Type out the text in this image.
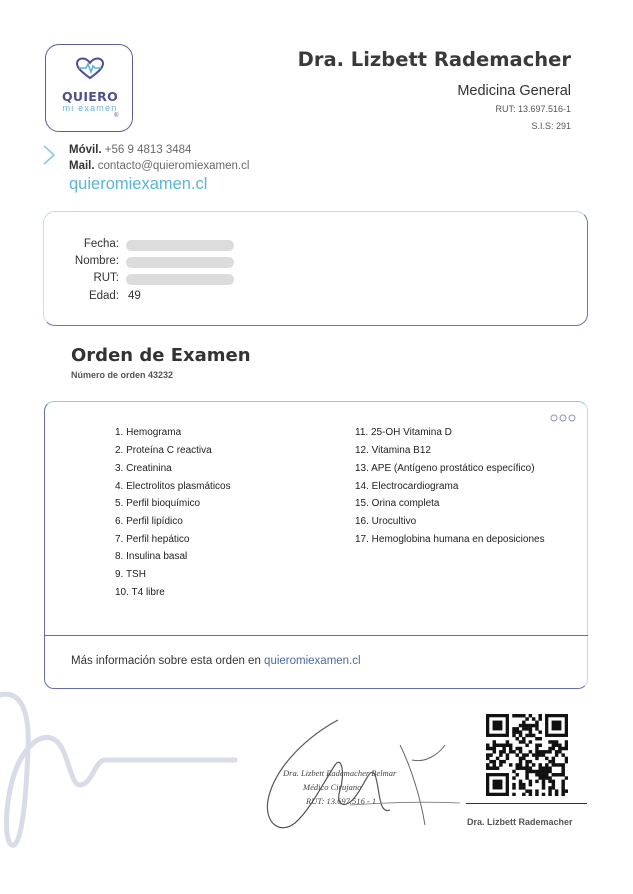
QUIERO
mi examen
®
Dra. Lizbett Rademacher
Medicina General
RUT: 13.697.516-1
S.I.S: 291
Móvil. +56 9 4813 3484
Mail. contacto@quieromiexamen.cl
quieromiexamen.cl
Fecha:
Nombre:
RUT:
Edad: 49
Orden de Examen
Número de orden 43232
1. Hemograma
2. Proteína C reactiva
3. Creatinina
4. Electrolitos plasmáticos
5. Perfil bioquímico
6. Perfil lipídico
7. Perfil hepático
8. Insulina basal
9. TSH
10. T4 libre
11. 25-OH Vitamina D
12. Vitamina B12
13. APE (Antígeno prostático específico)
14. Electrocardiograma
15. Orina completa
16. Urocultivo
17. Hemoglobina humana en deposiciones
Más información sobre esta orden en quieromiexamen.cl
Dra. Lizbett Rademacher Belmar
Médico Cirujano
RUT: 13.697.516 - 1
Dra. Lizbett Rademacher
